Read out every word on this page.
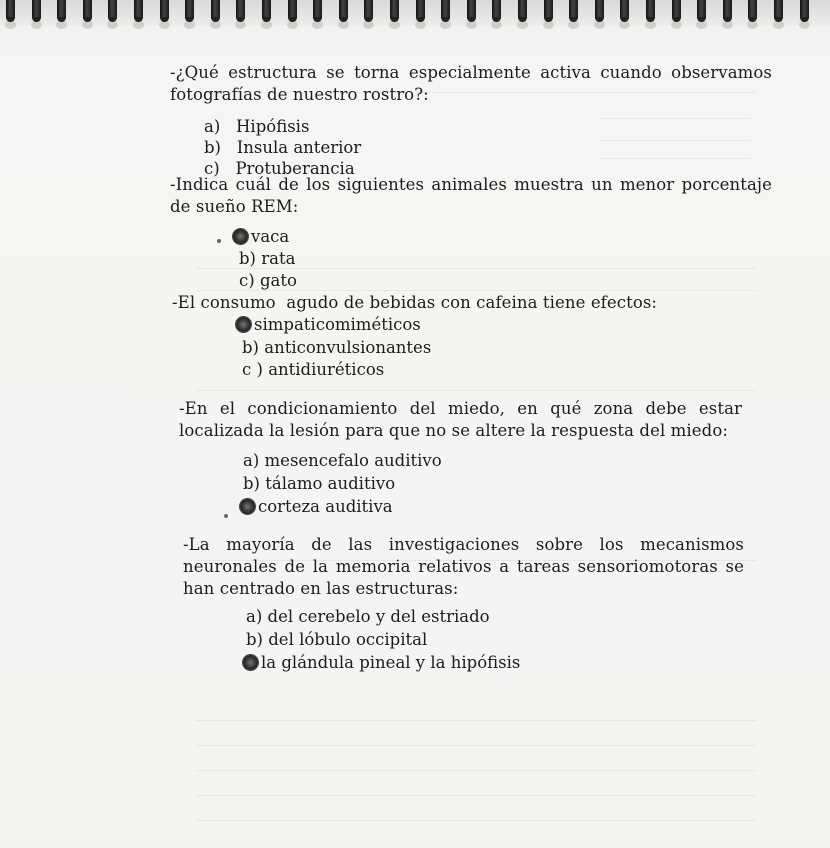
-¿Qué estructura se torna especialmente activa cuando observamos fotografías de nuestro rostro?:
a) Hipófisis
b) Insula anterior
c) Protuberancia
-Indica cuál de los siguientes animales muestra un menor porcentaje de sueño REM:
vaca
b) rata
c) gato
-El consumo  agudo de bebidas con cafeina tiene efectos:
simpaticomiméticos
b) anticonvulsionantes
c ) antidiuréticos
-En el condicionamiento del miedo, en qué zona debe estar localizada la lesión para que no se altere la respuesta del miedo:
a) mesencefalo auditivo
b) tálamo auditivo
corteza auditiva
-La mayoría de las investigaciones sobre los mecanismos neuronales de la memoria relativos a tareas sensoriomotoras se han centrado en las estructuras:
a) del cerebelo y del estriado
b) del lóbulo occipital
la glándula pineal y la hipófisis
